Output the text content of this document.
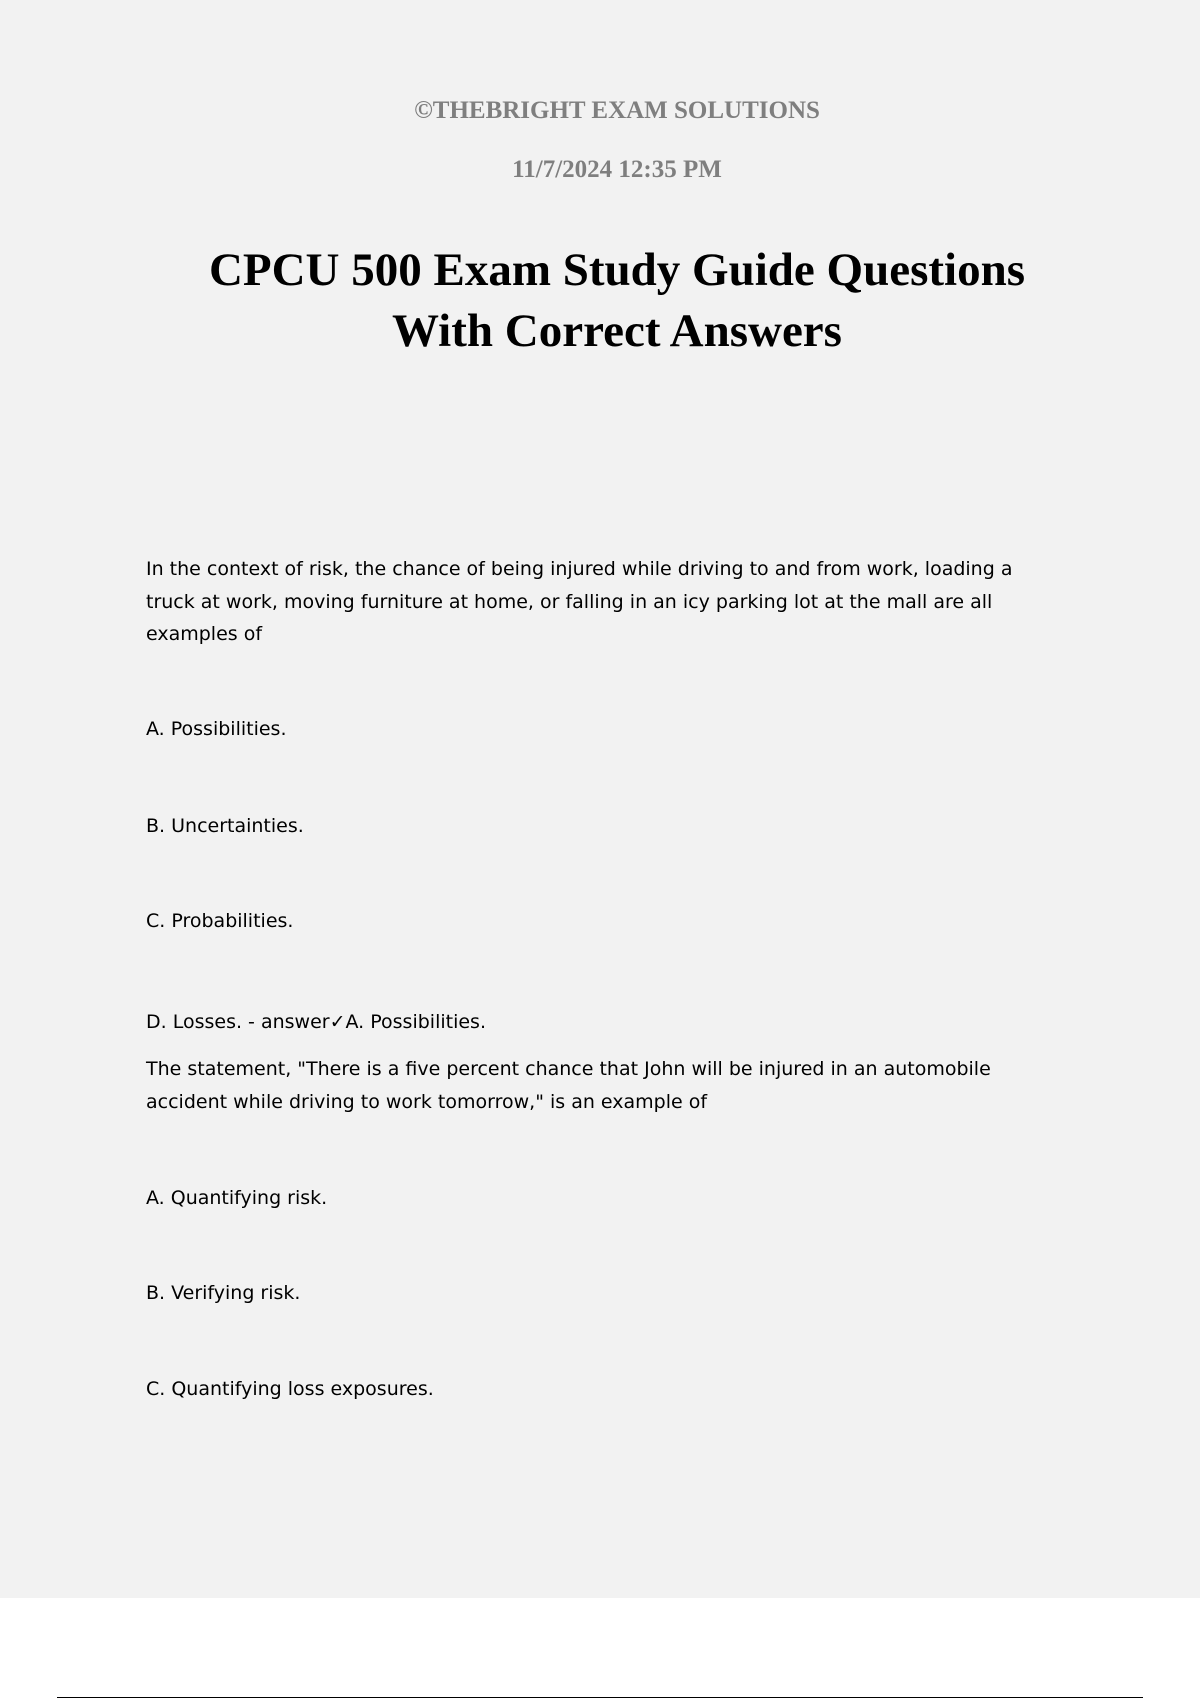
©THEBRIGHT EXAM SOLUTIONS
11/7/2024 12:35 PM
CPCU 500 Exam Study Guide Questions
With Correct Answers

In the context of risk, the chance of being injured while driving to and from work, loading a
truck at work, moving furniture at home, or falling in an icy parking lot at the mall are all
examples of

A. Possibilities.

B. Uncertainties.

C. Probabilities.

D. Losses. - answer✓A. Possibilities.

The statement, "There is a five percent chance that John will be injured in an automobile
accident while driving to work tomorrow," is an example of

A. Quantifying risk.

B. Verifying risk.

C. Quantifying loss exposures.
